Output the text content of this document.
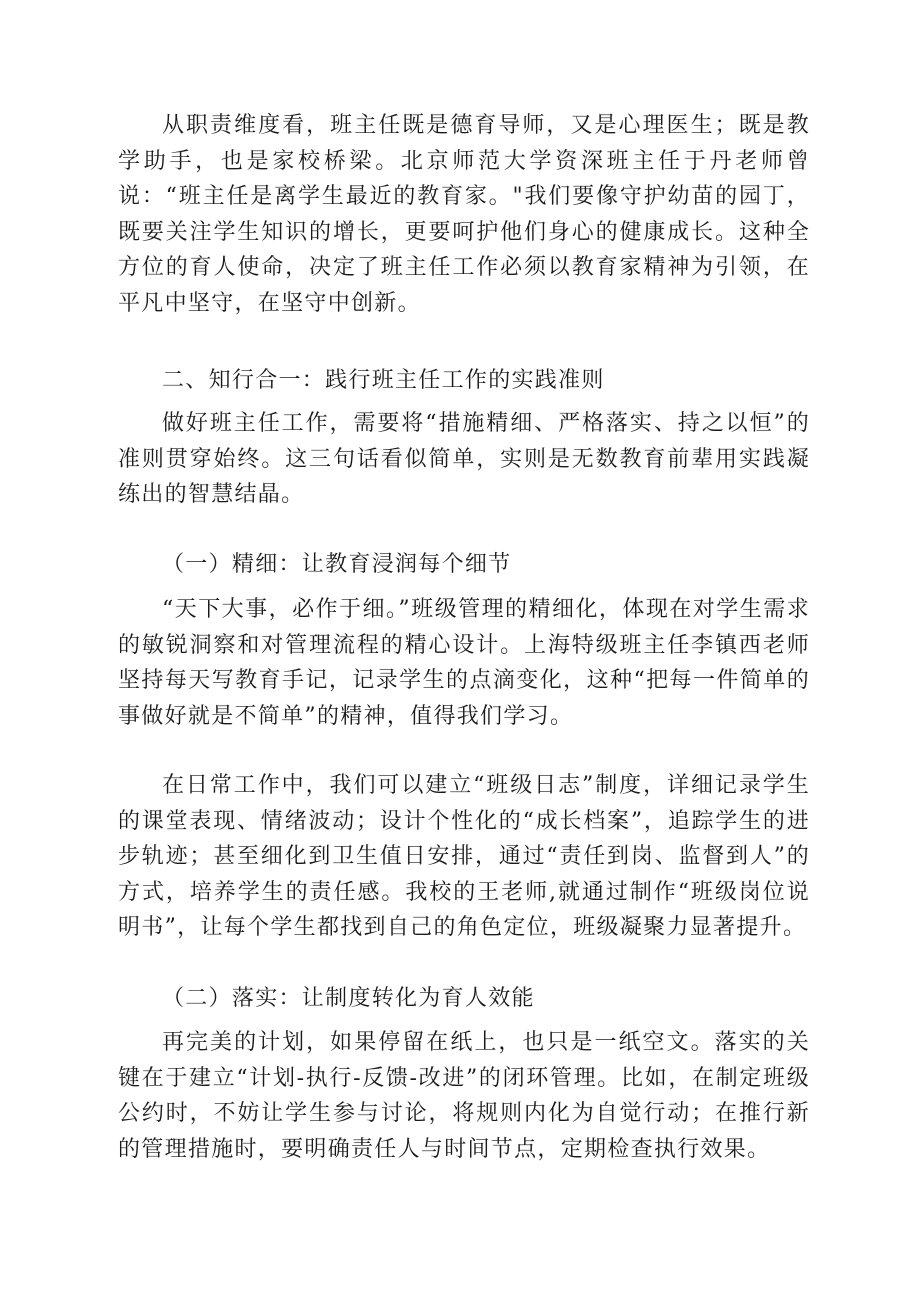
从职责维度看，班主任既是德育导师，又是心理医生；既是教学助手，也是家校桥梁。北京师范大学资深班主任于丹老师曾说：“班主任是离学生最近的教育家。"我们要像守护幼苗的园丁，既要关注学生知识的增长，更要呵护他们身心的健康成长。这种全方位的育人使命，决定了班主任工作必须以教育家精神为引领，在平凡中坚守，在坚守中创新。

二、知行合一：践行班主任工作的实践准则

做好班主任工作，需要将“措施精细、严格落实、持之以恒”的准则贯穿始终。这三句话看似简单，实则是无数教育前辈用实践凝练出的智慧结晶。

（一）精细：让教育浸润每个细节

“天下大事，必作于细。”班级管理的精细化，体现在对学生需求的敏锐洞察和对管理流程的精心设计。上海特级班主任李镇西老师坚持每天写教育手记，记录学生的点滴变化，这种“把每一件简单的事做好就是不简单”的精神，值得我们学习。

在日常工作中，我们可以建立“班级日志”制度，详细记录学生的课堂表现、情绪波动；设计个性化的“成长档案”，追踪学生的进步轨迹；甚至细化到卫生值日安排，通过“责任到岗、监督到人”的方式，培养学生的责任感。我校的王老师,就通过制作“班级岗位说明书”，让每个学生都找到自己的角色定位，班级凝聚力显著提升。

（二）落实：让制度转化为育人效能

再完美的计划，如果停留在纸上，也只是一纸空文。落实的关键在于建立“计划-执行-反馈-改进”的闭环管理。比如，在制定班级公约时，不妨让学生参与讨论，将规则内化为自觉行动；在推行新的管理措施时，要明确责任人与时间节点，定期检查执行效果。
